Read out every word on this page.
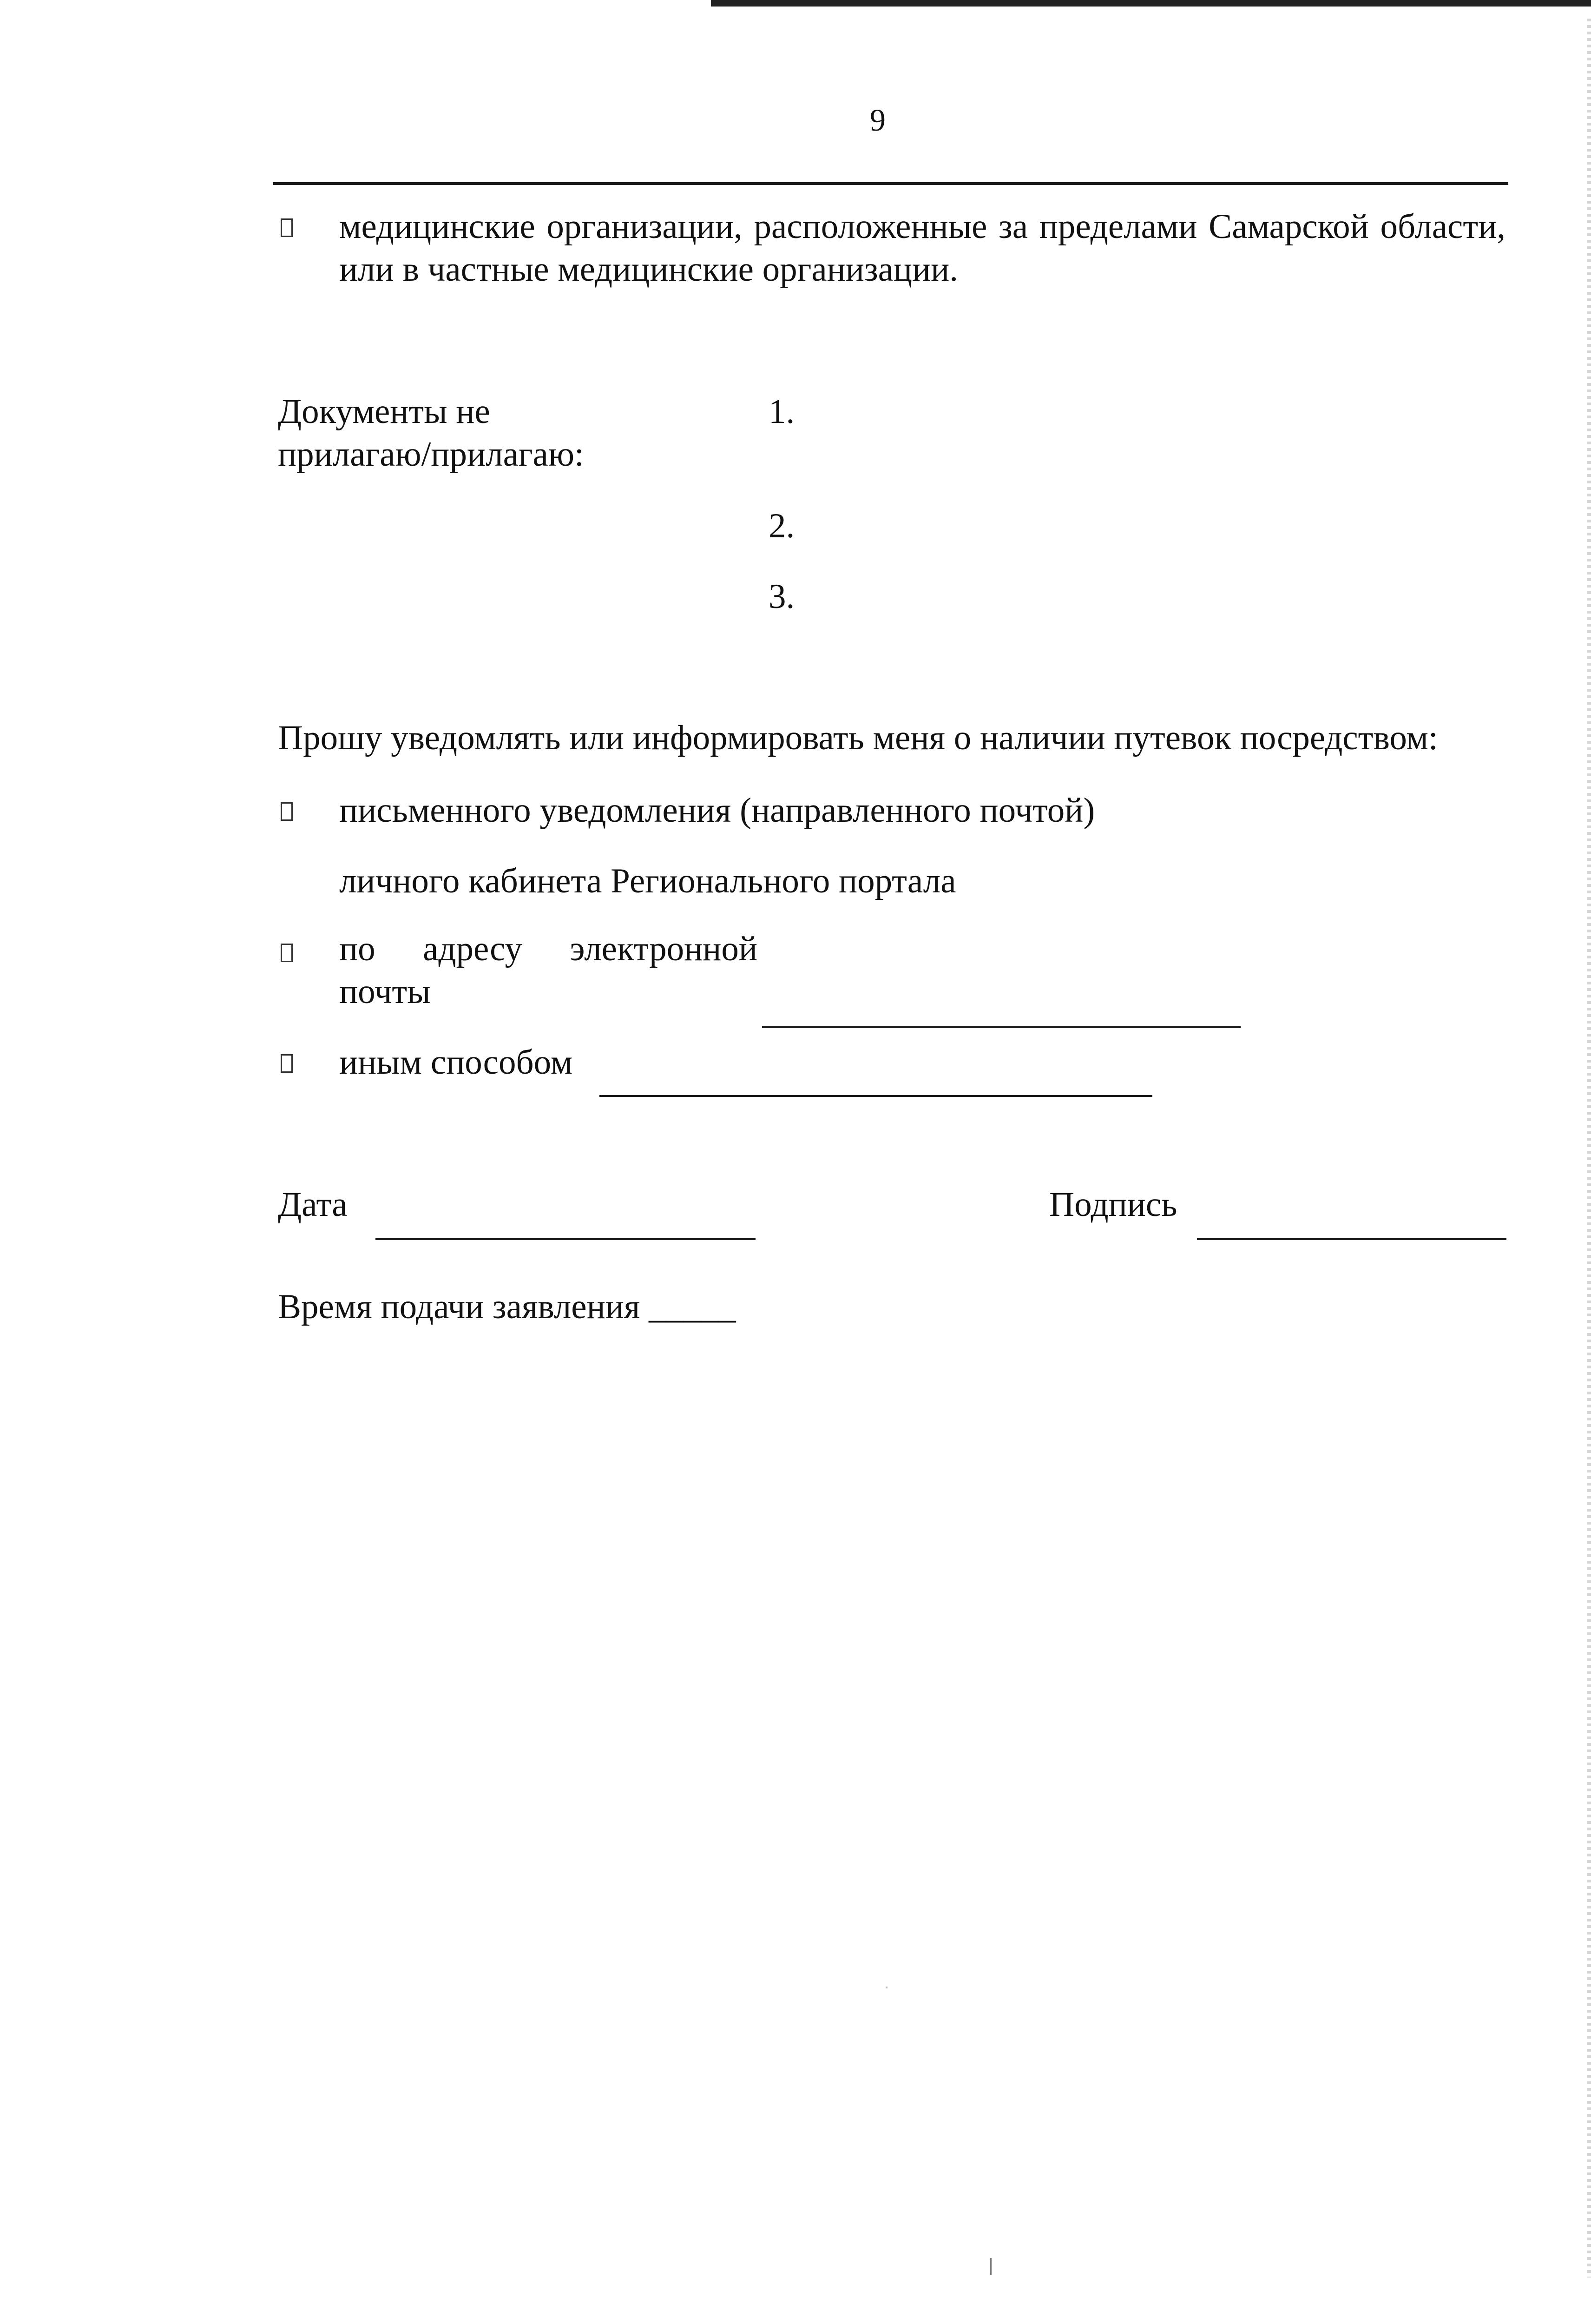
9
медицинские организации, расположенные за пределами Самарской области, или в частные медицинские организации.
Документы не прилагаю/прилагаю:
1.
2.
3.
Прошу уведомлять или информировать меня о наличии путевок посредством:
письменного уведомления (направленного почтой)
личного кабинета Регионального портала
по адресу электронной
почты
иным способом
Дата	Подпись
Время подачи заявления _____
